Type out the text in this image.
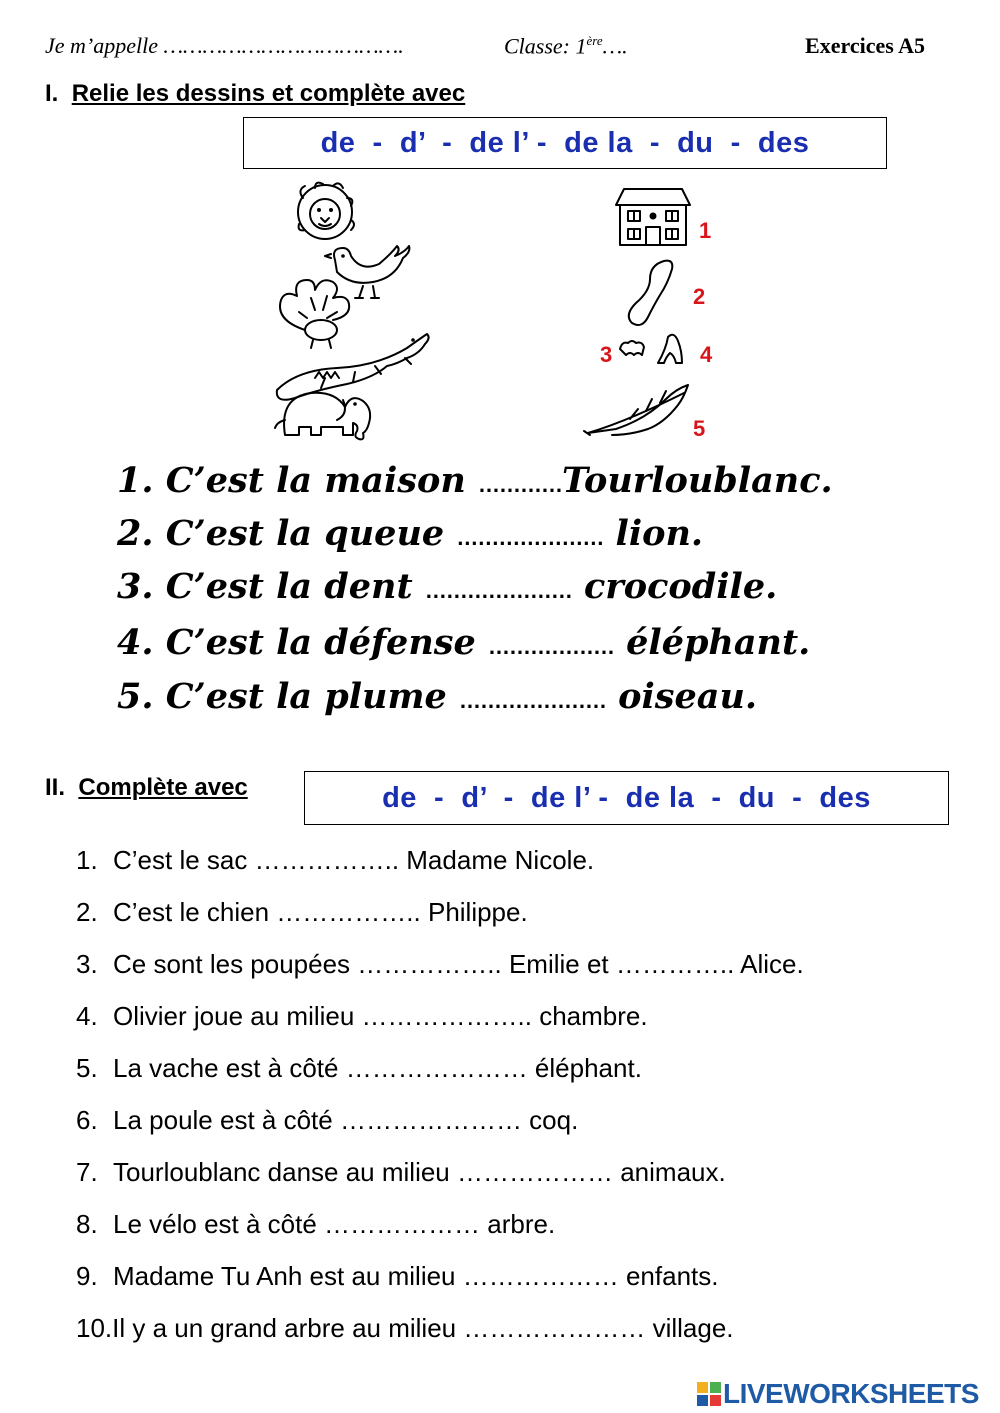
Je m’appelle ……………………………….	Classe: 1ère….	Exercices A5
I. Relie les dessins et complète avec
de  -  d’  -  de l’ -  de la  -  du  -  des
1
2
3	4
5
1. C’est la maison …………Tourloublanc.
2. C’est la queue ………………… lion.
3. C’est la dent ………………… crocodile.
4. C’est la défense ……………… éléphant.
5. C’est la plume ………………… oiseau.
II. Complète avec	de  -  d’  -  de l’ -  de la  -  du  -  des
1. C’est le sac …………….. Madame Nicole.
2. C’est le chien …………….. Philippe.
3. Ce sont les poupées …………….. Emilie et ………….. Alice.
4. Olivier joue au milieu ……………….. chambre.
5. La vache est à côté ………………… éléphant.
6. La poule est à côté ………………… coq.
7. Tourloublanc danse au milieu ……………… animaux.
8. Le vélo est à côté ……………… arbre.
9. Madame Tu Anh est au milieu ……………… enfants.
10.Il y a un grand arbre au milieu ………………… village.
LIVEWORKSHEETS
